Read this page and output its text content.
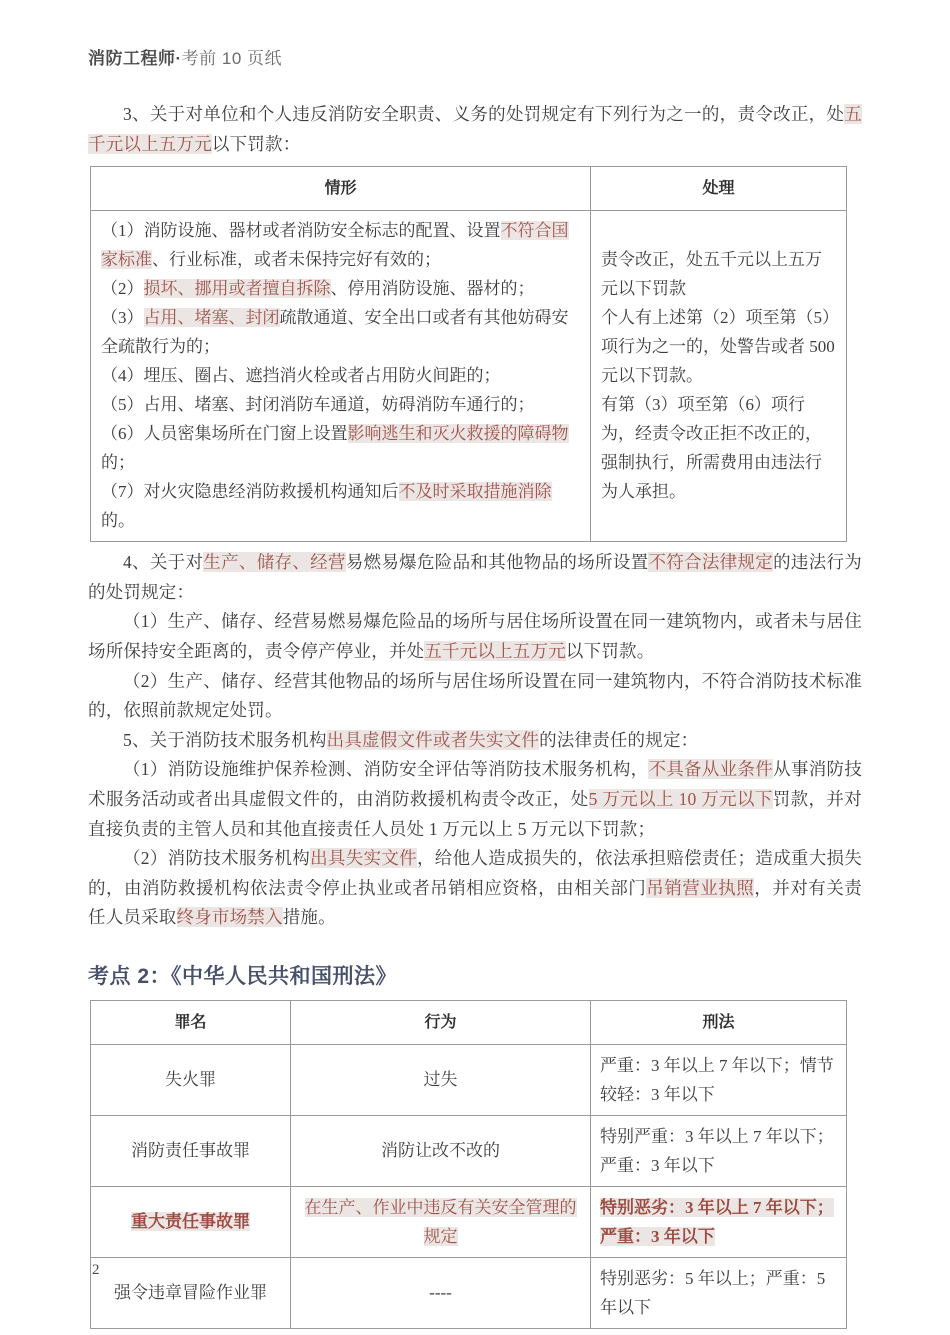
消防工程师·考前 10 页纸

3、关于对单位和个人违反消防安全职责、义务的处罚规定有下列行为之一的，责令改正，处五千元以上五万元以下罚款：

情形	处理

（1）消防设施、器材或者消防安全标志的配置、设置不符合国家标准、行业标准，或者未保持完好有效的；
（2）损坏、挪用或者擅自拆除、停用消防设施、器材的；
（3）占用、堵塞、封闭疏散通道、安全出口或者有其他妨碍安全疏散行为的；
（4）埋压、圈占、遮挡消火栓或者占用防火间距的；
（5）占用、堵塞、封闭消防车通道，妨碍消防车通行的；
（6）人员密集场所在门窗上设置影响逃生和灭火救援的障碍物的；
（7）对火灾隐患经消防救援机构通知后不及时采取措施消除的。

责令改正，处五千元以上五万元以下罚款
个人有上述第（2）项至第（5）项行为之一的，处警告或者 500 元以下罚款。
有第（3）项至第（6）项行为，经责令改正拒不改正的，强制执行，所需费用由违法行为人承担。

4、关于对生产、储存、经营易燃易爆危险品和其他物品的场所设置不符合法律规定的违法行为的处罚规定：

（1）生产、储存、经营易燃易爆危险品的场所与居住场所设置在同一建筑物内，或者未与居住场所保持安全距离的，责令停产停业，并处五千元以上五万元以下罚款。

（2）生产、储存、经营其他物品的场所与居住场所设置在同一建筑物内，不符合消防技术标准的，依照前款规定处罚。

5、关于消防技术服务机构出具虚假文件或者失实文件的法律责任的规定：

（1）消防设施维护保养检测、消防安全评估等消防技术服务机构，不具备从业条件从事消防技术服务活动或者出具虚假文件的，由消防救援机构责令改正，处5 万元以上 10 万元以下罚款，并对直接负责的主管人员和其他直接责任人员处 1 万元以上 5 万元以下罚款；

（2）消防技术服务机构出具失实文件，给他人造成损失的，依法承担赔偿责任；造成重大损失的，由消防救援机构依法责令停止执业或者吊销相应资格，由相关部门吊销营业执照，并对有关责任人员采取终身市场禁入措施。

考点 2：《中华人民共和国刑法》
罪名	行为	刑法
失火罪	过失	严重：3 年以上 7 年以下；情节较轻：3 年以下
消防责任事故罪	消防让改不改的	特别严重：3 年以上 7 年以下；严重：3 年以下
重大责任事故罪	在生产、作业中违反有关安全管理的规定	特别恶劣：3 年以上 7 年以下；
严重：3 年以下

强令违章冒险作业罪	----	特别恶劣：5 年以上；严重：5 年以下
2
